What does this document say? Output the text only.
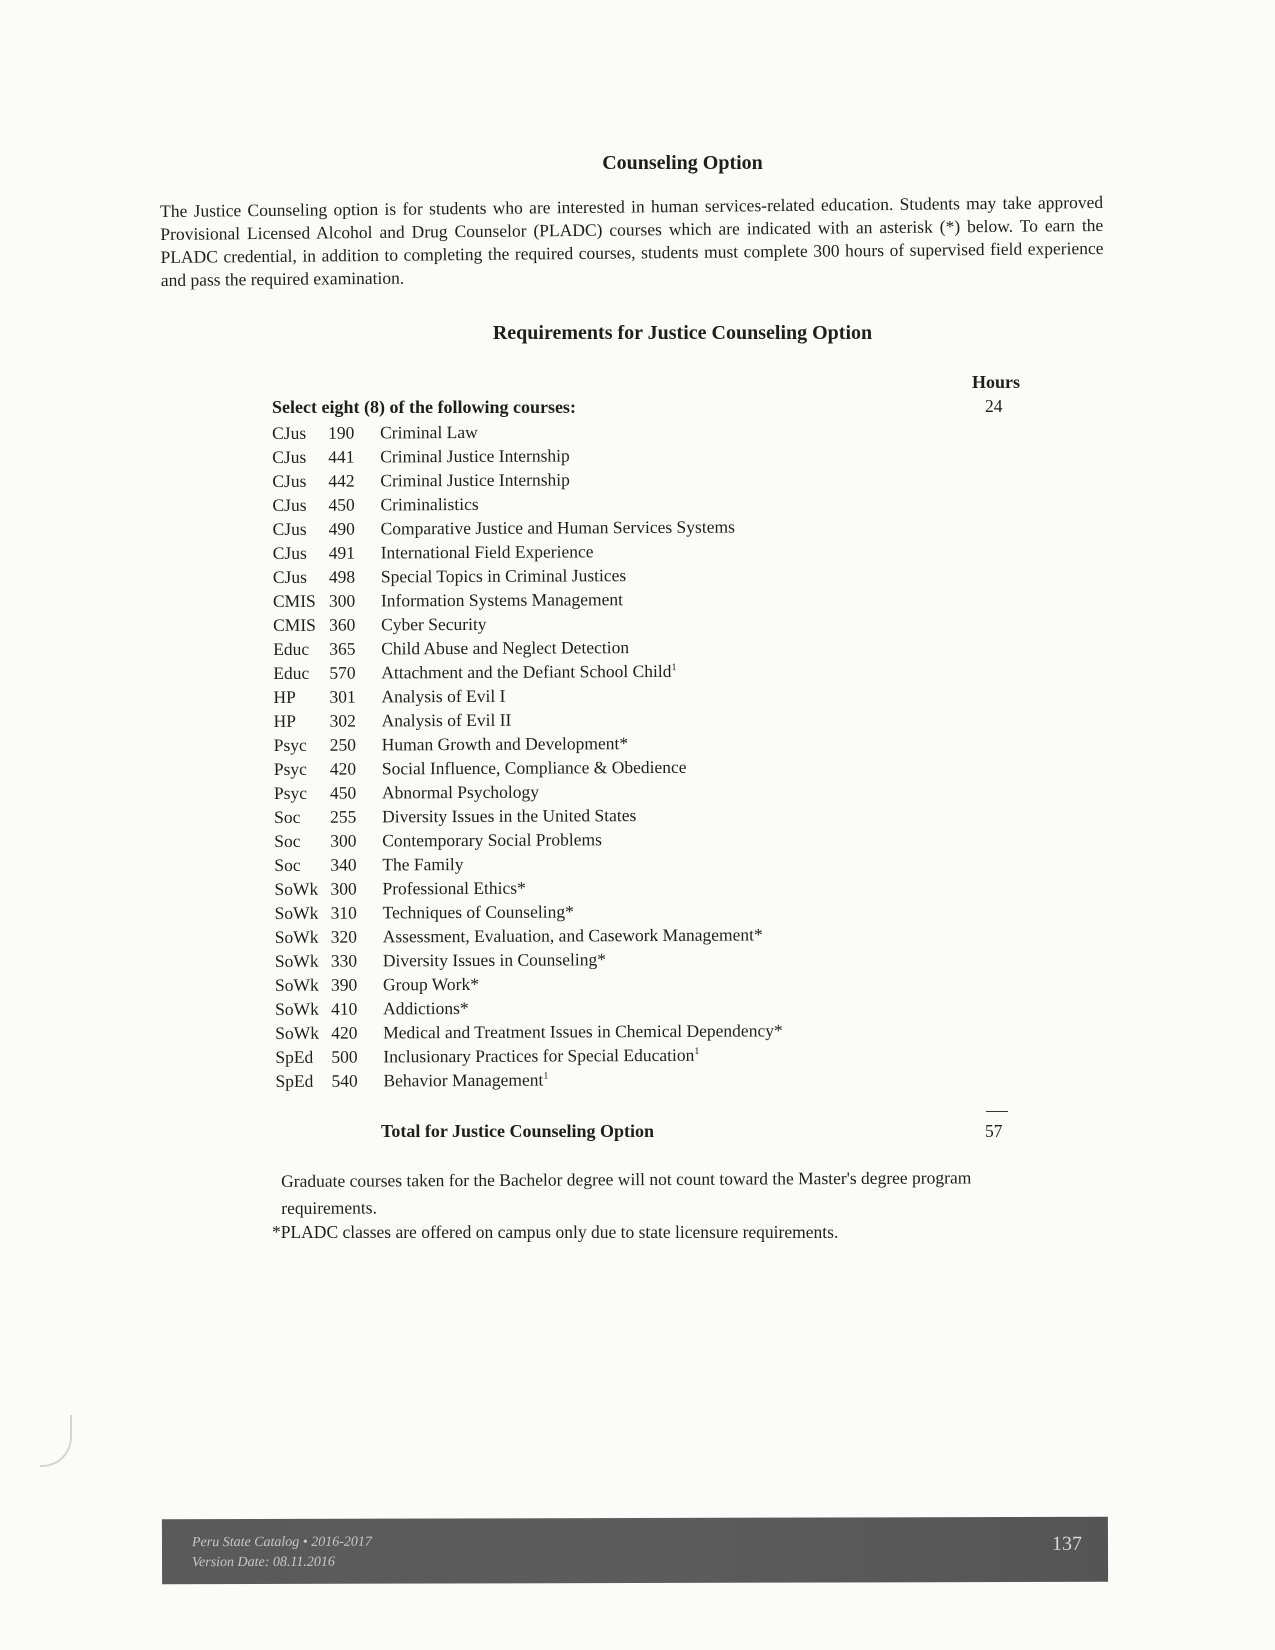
Counseling Option
The Justice Counseling option is for students who are interested in human services-related education. Students may take approved Provisional Licensed Alcohol and Drug Counselor (PLADC) courses which are indicated with an asterisk (*) below. To earn the PLADC credential, in addition to completing the required courses, students must complete 300 hours of supervised field experience and pass the required examination.
Requirements for Justice Counseling Option
Hours
24
Select eight (8) of the following courses:
CJus	190	Criminal Law
CJus	441	Criminal Justice Internship
CJus	442	Criminal Justice Internship
CJus	450	Criminalistics
CJus	490	Comparative Justice and Human Services Systems
CJus	491	International Field Experience
CJus	498	Special Topics in Criminal Justices
CMIS 300	Information Systems Management
CMIS 360	Cyber Security
Educ	365	Child Abuse and Neglect Detection
Educ	570	Attachment and the Defiant School Child$^1$
HP	301	Analysis of Evil I
HP	302	Analysis of Evil II
Psyc	250	Human Growth and Development*
Psyc	420	Social Influence, Compliance & Obedience
Psyc	450	Abnormal Psychology
Soc	255	Diversity Issues in the United States
Soc	300	Contemporary Social Problems
Soc	340	The Family
SoWk 300	Professional Ethics*
SoWk 310	Techniques of Counseling*
SoWk 320	Assessment, Evaluation, and Casework Management*
SoWk 330	Diversity Issues in Counseling*
SoWk 390	Group Work*
SoWk 410	Addictions*
SoWk 420	Medical and Treatment Issues in Chemical Dependency*
SpEd	500	Inclusionary Practices for Special Education$^1$
SpEd	540	Behavior Management$^1$
Total for Justice Counseling Option	57
Graduate courses taken for the Bachelor degree will not count toward the Master's degree program requirements.
*PLADC classes are offered on campus only due to state licensure requirements.
Peru State Catalog • 2016-2017
Version Date: 08.11.2016
137
